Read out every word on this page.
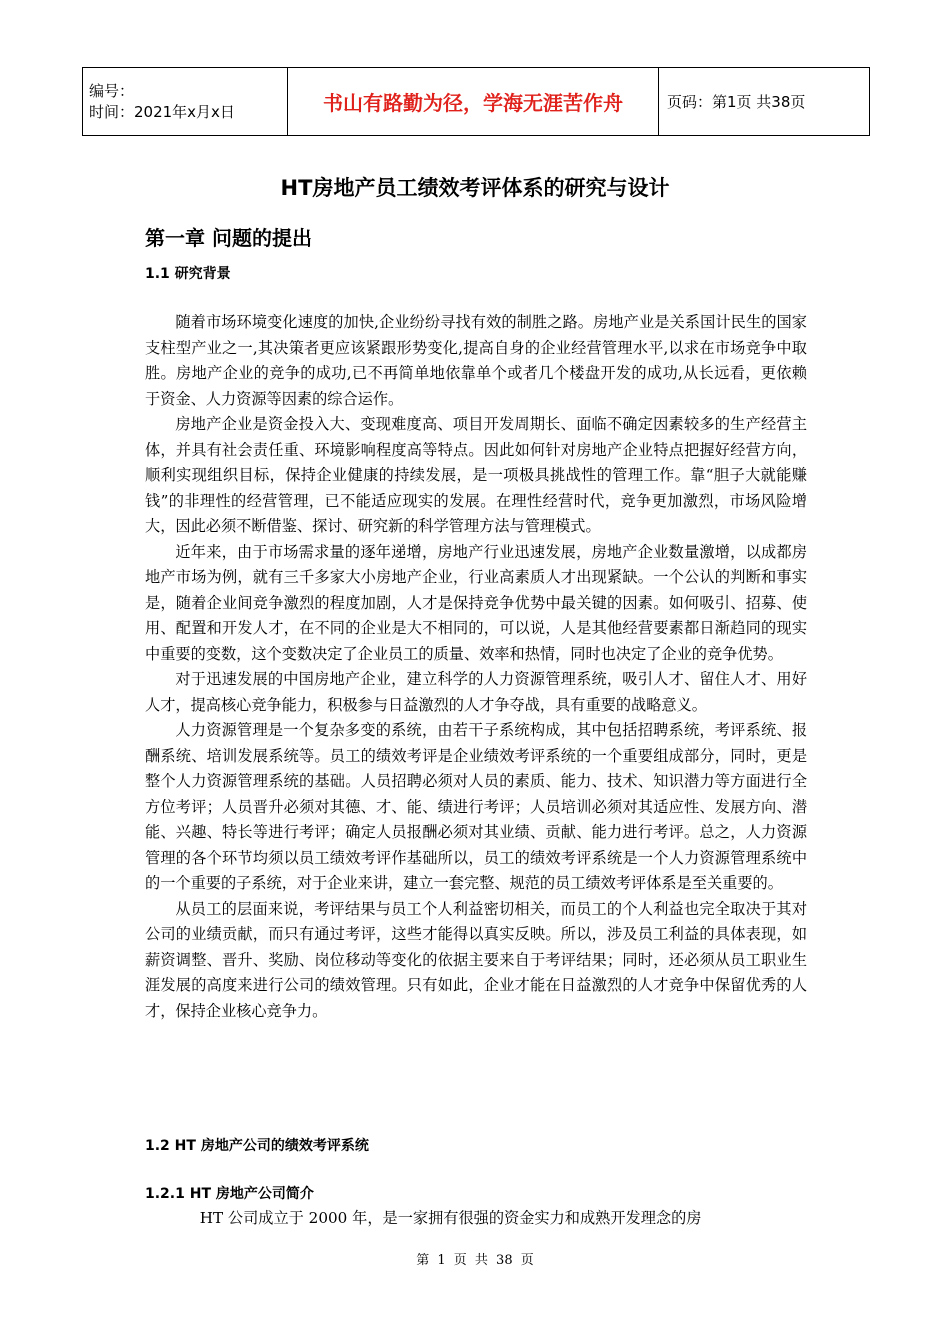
编号：
时间：2021年x月x日	书山有路勤为径，学海无涯苦作舟	页码：第1页 共38页
HT房地产员工绩效考评体系的研究与设计
第一章 问题的提出
1.1 研究背景

随着市场环境变化速度的加快,企业纷纷寻找有效的制胜之路。房地产业是关系国计民生的国家支柱型产业之一,其决策者更应该紧跟形势变化,提高自身的企业经营管理水平,以求在市场竞争中取胜。房地产企业的竞争的成功,已不再简单地依靠单个或者几个楼盘开发的成功,从长远看，更依赖于资金、人力资源等因素的综合运作。

房地产企业是资金投入大、变现难度高、项目开发周期长、面临不确定因素较多的生产经营主体，并具有社会责任重、环境影响程度高等特点。因此如何针对房地产企业特点把握好经营方向，顺利实现组织目标，保持企业健康的持续发展，是一项极具挑战性的管理工作。靠“胆子大就能赚钱”的非理性的经营管理，已不能适应现实的发展。在理性经营时代，竞争更加激烈，市场风险增大，因此必须不断借鉴、探讨、研究新的科学管理方法与管理模式。

近年来，由于市场需求量的逐年递增，房地产行业迅速发展，房地产企业数量激增，以成都房地产市场为例，就有三千多家大小房地产企业，行业高素质人才出现紧缺。一个公认的判断和事实是，随着企业间竞争激烈的程度加剧，人才是保持竞争优势中最关键的因素。如何吸引、招募、使用、配置和开发人才，在不同的企业是大不相同的，可以说，人是其他经营要素都日渐趋同的现实中重要的变数，这个变数决定了企业员工的质量、效率和热情，同时也决定了企业的竞争优势。

对于迅速发展的中国房地产企业，建立科学的人力资源管理系统，吸引人才、留住人才、用好人才，提高核心竞争能力，积极参与日益激烈的人才争夺战，具有重要的战略意义。

人力资源管理是一个复杂多变的系统，由若干子系统构成，其中包括招聘系统，考评系统、报酬系统、培训发展系统等。员工的绩效考评是企业绩效考评系统的一个重要组成部分，同时，更是整个人力资源管理系统的基础。人员招聘必须对人员的素质、能力、技术、知识潜力等方面进行全方位考评；人员晋升必须对其德、才、能、绩进行考评；人员培训必须对其适应性、发展方向、潜能、兴趣、特长等进行考评；确定人员报酬必须对其业绩、贡献、能力进行考评。总之，人力资源管理的各个环节均须以员工绩效考评作基础所以，员工的绩效考评系统是一个人力资源管理系统中的一个重要的子系统，对于企业来讲，建立一套完整、规范的员工绩效考评体系是至关重要的。

从员工的层面来说，考评结果与员工个人利益密切相关，而员工的个人利益也完全取决于其对公司的业绩贡献，而只有通过考评，这些才能得以真实反映。所以，涉及员工利益的具体表现，如薪资调整、晋升、奖励、岗位移动等变化的依据主要来自于考评结果；同时，还必须从员工职业生涯发展的高度来进行公司的绩效管理。只有如此，企业才能在日益激烈的人才竞争中保留优秀的人才，保持企业核心竞争力。

1.2 HT 房地产公司的绩效考评系统
1.2.1 HT 房地产公司简介
HT 公司成立于 2000 年，是一家拥有很强的资金实力和成熟开发理念的房
第 1 页 共 38 页
